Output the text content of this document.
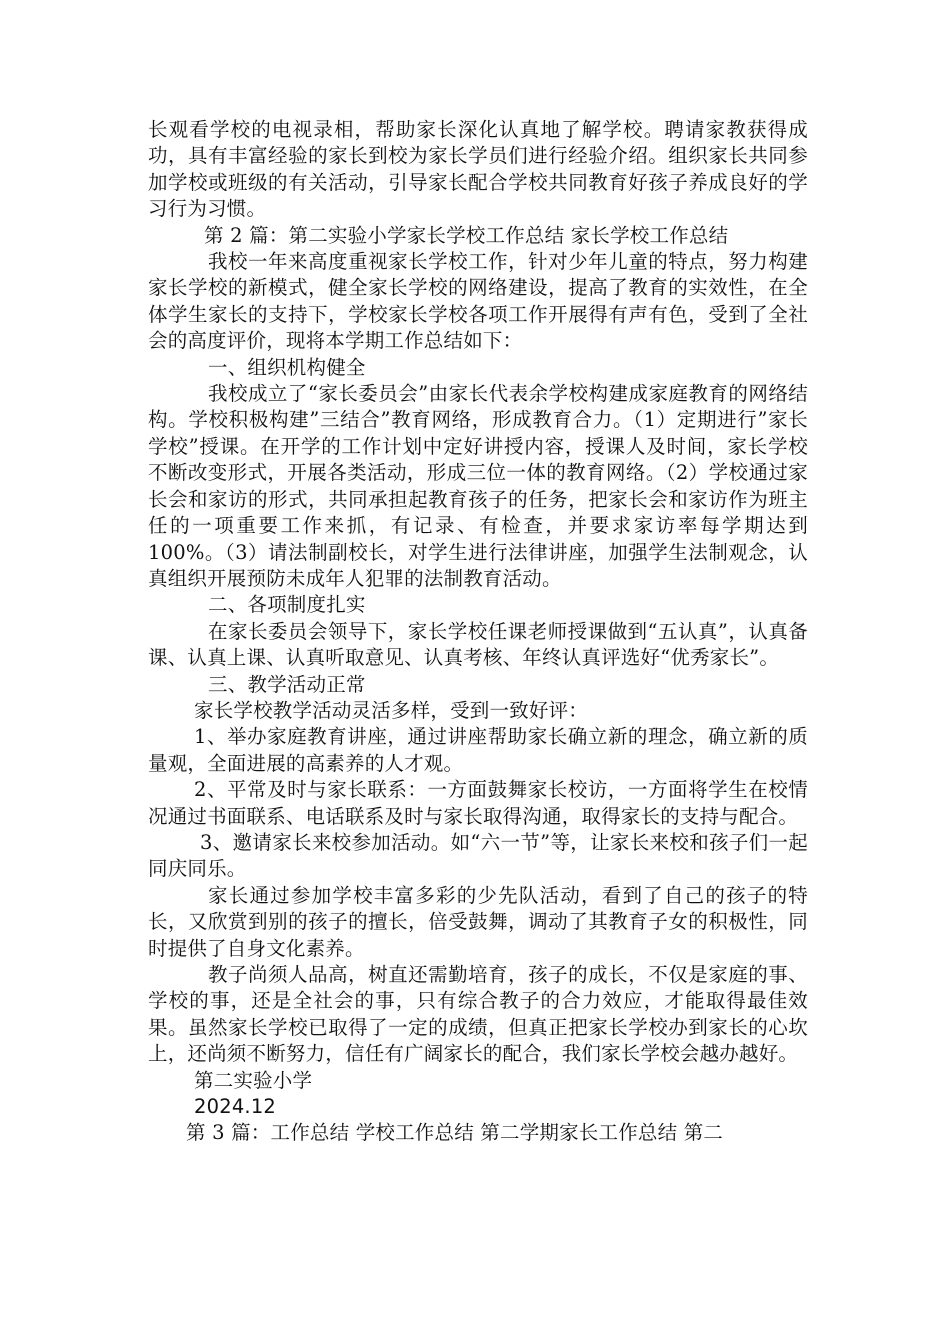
长观看学校的电视录相，帮助家长深化认真地了解学校。聘请家教获得成功，具有丰富经验的家长到校为家长学员们进行经验介绍。组织家长共同参加学校或班级的有关活动，引导家长配合学校共同教育好孩子养成良好的学习行为习惯。

第 2 篇：第二实验小学家长学校工作总结 家长学校工作总结

我校一年来高度重视家长学校工作，针对少年儿童的特点，努力构建家长学校的新模式，健全家长学校的网络建设，提高了教育的实效性，在全体学生家长的支持下，学校家长学校各项工作开展得有声有色，受到了全社会的高度评价，现将本学期工作总结如下：

一、组织机构健全

我校成立了“家长委员会”由家长代表余学校构建成家庭教育的网络结构。学校积极构建”三结合”教育网络，形成教育合力。（1）定期进行”家长学校”授课。在开学的工作计划中定好讲授内容，授课人及时间，家长学校不断改变形式，开展各类活动，形成三位一体的教育网络。（2）学校通过家长会和家访的形式，共同承担起教育孩子的任务，把家长会和家访作为班主任的一项重要工作来抓，有记录、有检查，并要求家访率每学期达到 100%。（3）请法制副校长，对学生进行法律讲座，加强学生法制观念，认真组织开展预防未成年人犯罪的法制教育活动。

二、各项制度扎实

在家长委员会领导下，家长学校任课老师授课做到“五认真”，认真备课、认真上课、认真听取意见、认真考核、年终认真评选好“优秀家长”。

三、教学活动正常

家长学校教学活动灵活多样，受到一致好评：

1、举办家庭教育讲座，通过讲座帮助家长确立新的理念，确立新的质量观，全面进展的高素养的人才观。

2、平常及时与家长联系：一方面鼓舞家长校访，一方面将学生在校情况通过书面联系、电话联系及时与家长取得沟通，取得家长的支持与配合。

3、邀请家长来校参加活动。如“六一节”等，让家长来校和孩子们一起同庆同乐。

家长通过参加学校丰富多彩的少先队活动，看到了自己的孩子的特长，又欣赏到别的孩子的擅长，倍受鼓舞，调动了其教育子女的积极性，同时提供了自身文化素养。

教子尚须人品高，树直还需勤培育，孩子的成长，不仅是家庭的事、学校的事，还是全社会的事，只有综合教子的合力效应，才能取得最佳效果。虽然家长学校已取得了一定的成绩，但真正把家长学校办到家长的心坎上，还尚须不断努力，信任有广阔家长的配合，我们家长学校会越办越好。

第二实验小学

2024.12

第 3 篇：工作总结 学校工作总结 第二学期家长工作总结 第二
